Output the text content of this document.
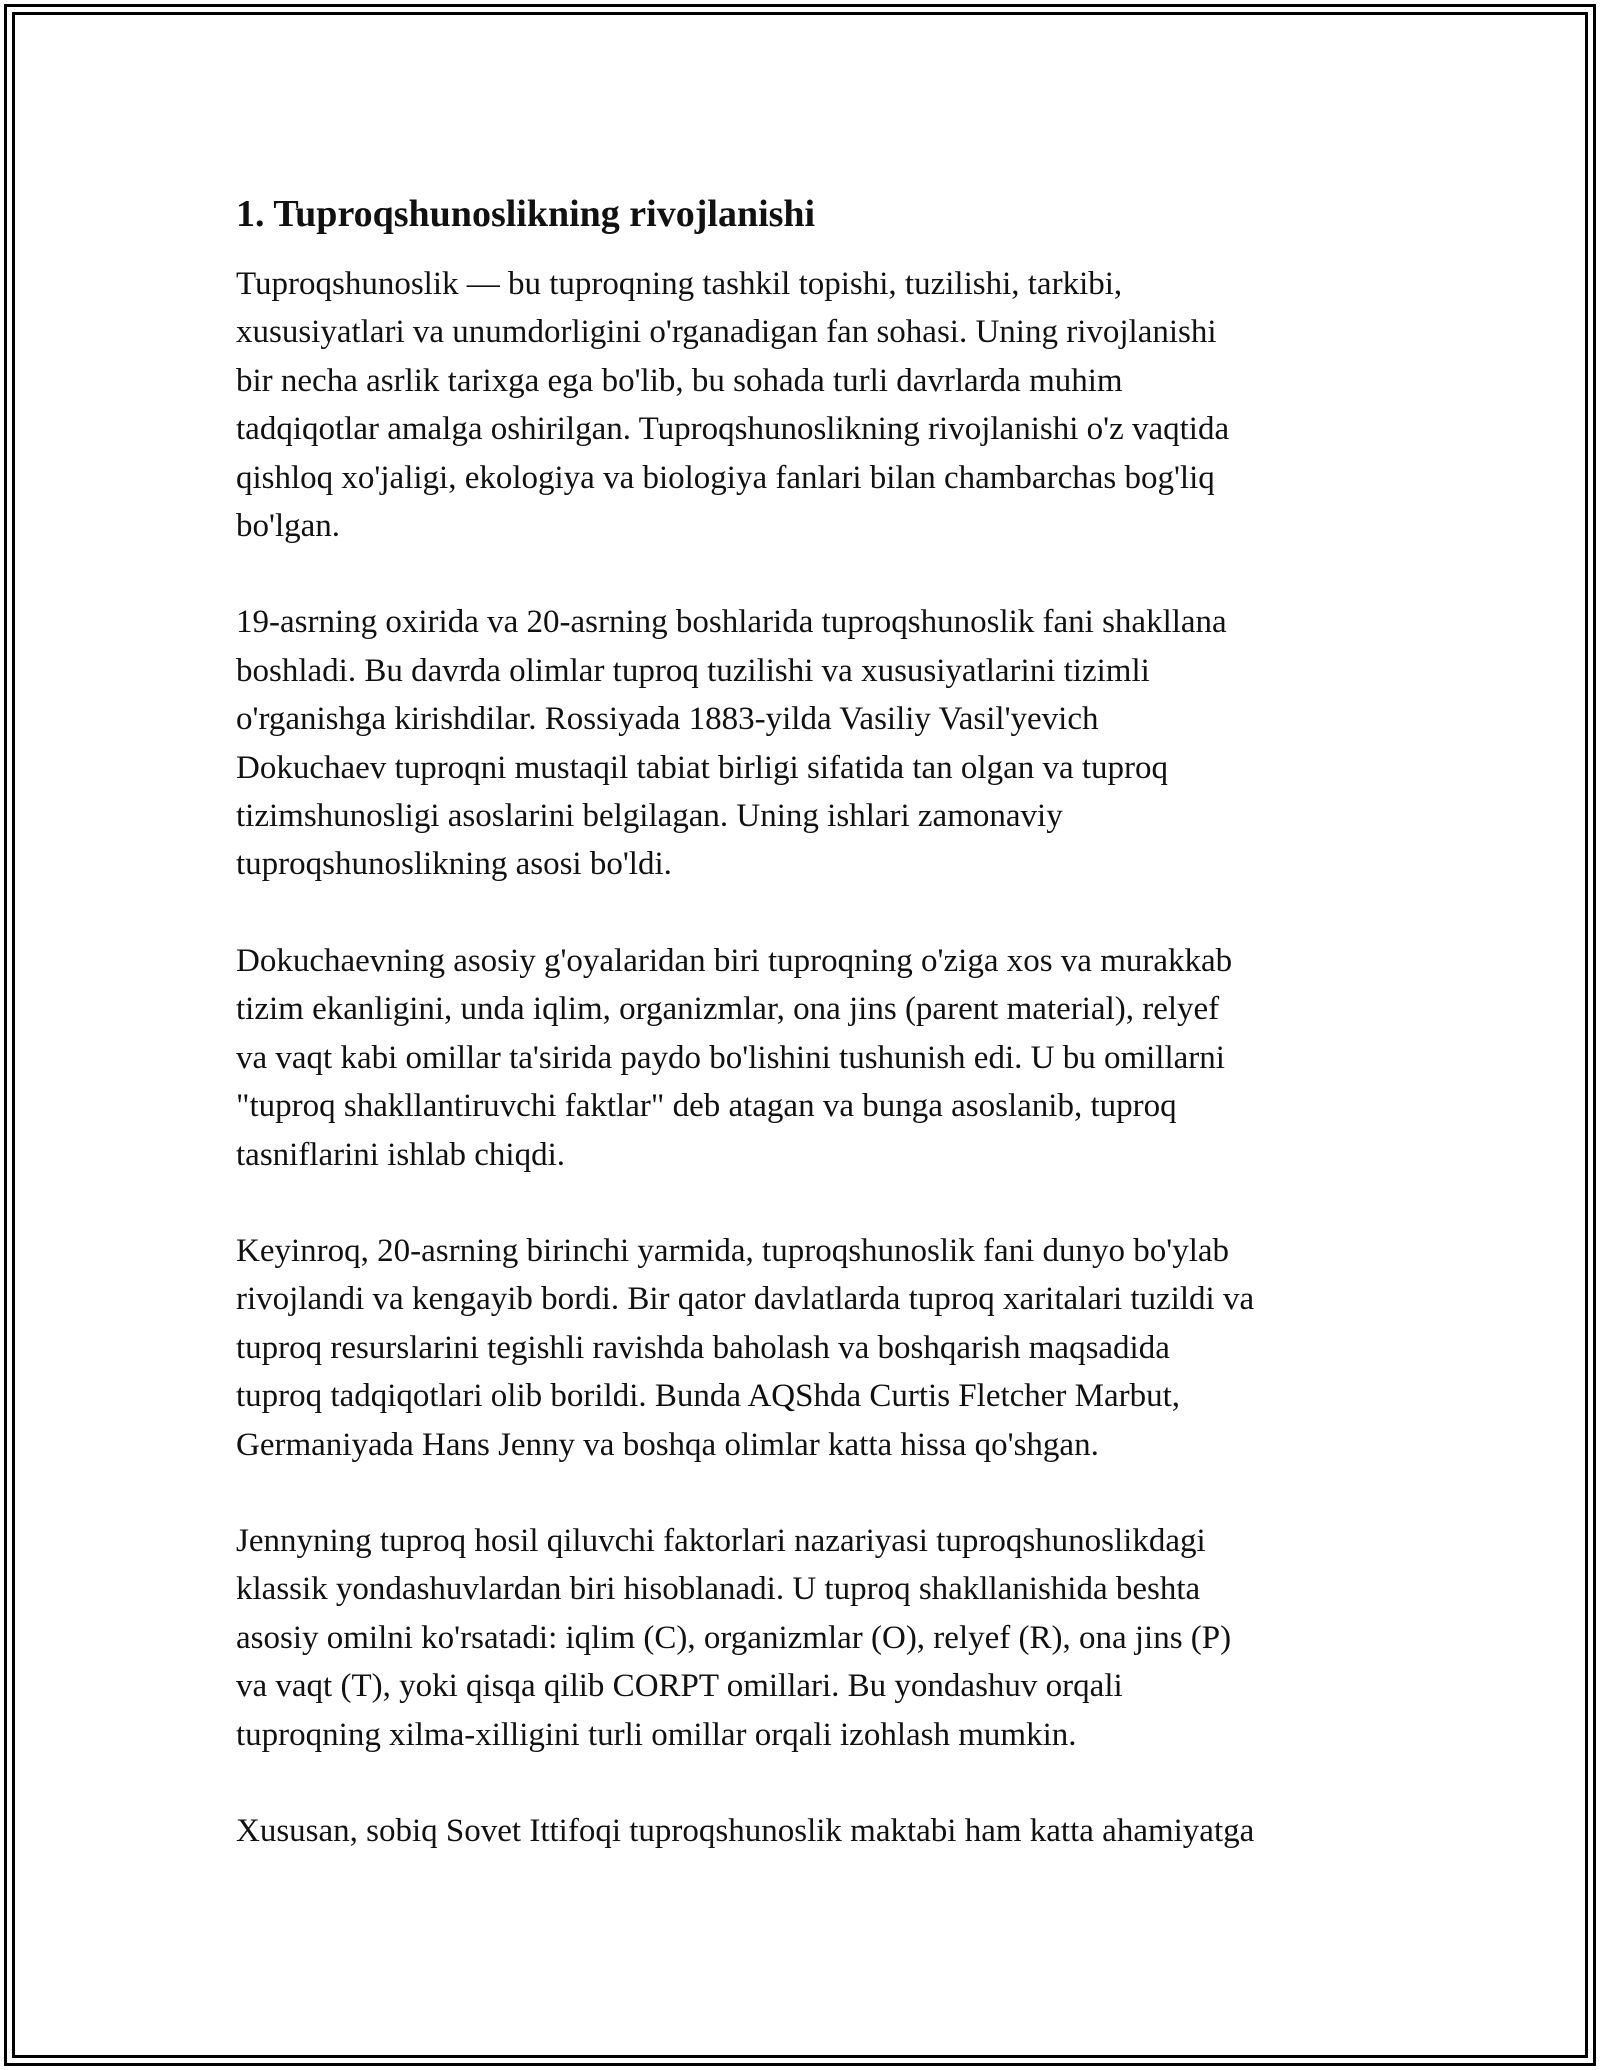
1. Tuproqshunoslikning rivojlanishi

Tuproqshunoslik — bu tuproqning tashkil topishi, tuzilishi, tarkibi,
xususiyatlari va unumdorligini o'rganadigan fan sohasi. Uning rivojlanishi
bir necha asrlik tarixga ega bo'lib, bu sohada turli davrlarda muhim
tadqiqotlar amalga oshirilgan. Tuproqshunoslikning rivojlanishi o'z vaqtida
qishloq xo'jaligi, ekologiya va biologiya fanlari bilan chambarchas bog'liq
bo'lgan.

19-asrning oxirida va 20-asrning boshlarida tuproqshunoslik fani shakllana
boshladi. Bu davrda olimlar tuproq tuzilishi va xususiyatlarini tizimli
o'rganishga kirishdilar. Rossiyada 1883-yilda Vasiliy Vasil'yevich
Dokuchaev tuproqni mustaqil tabiat birligi sifatida tan olgan va tuproq
tizimshunosligi asoslarini belgilagan. Uning ishlari zamonaviy
tuproqshunoslikning asosi bo'ldi.

Dokuchaevning asosiy g'oyalaridan biri tuproqning o'ziga xos va murakkab
tizim ekanligini, unda iqlim, organizmlar, ona jins (parent material), relyef
va vaqt kabi omillar ta'sirida paydo bo'lishini tushunish edi. U bu omillarni
"tuproq shakllantiruvchi faktlar" deb atagan va bunga asoslanib, tuproq
tasniflarini ishlab chiqdi.

Keyinroq, 20-asrning birinchi yarmida, tuproqshunoslik fani dunyo bo'ylab
rivojlandi va kengayib bordi. Bir qator davlatlarda tuproq xaritalari tuzildi va
tuproq resurslarini tegishli ravishda baholash va boshqarish maqsadida
tuproq tadqiqotlari olib borildi. Bunda AQShda Curtis Fletcher Marbut,
Germaniyada Hans Jenny va boshqa olimlar katta hissa qo'shgan.

Jennyning tuproq hosil qiluvchi faktorlari nazariyasi tuproqshunoslikdagi
klassik yondashuvlardan biri hisoblanadi. U tuproq shakllanishida beshta
asosiy omilni ko'rsatadi: iqlim (C), organizmlar (O), relyef (R), ona jins (P)
va vaqt (T), yoki qisqa qilib CORPT omillari. Bu yondashuv orqali
tuproqning xilma-xilligini turli omillar orqali izohlash mumkin.

Xususan, sobiq Sovet Ittifoqi tuproqshunoslik maktabi ham katta ahamiyatga
